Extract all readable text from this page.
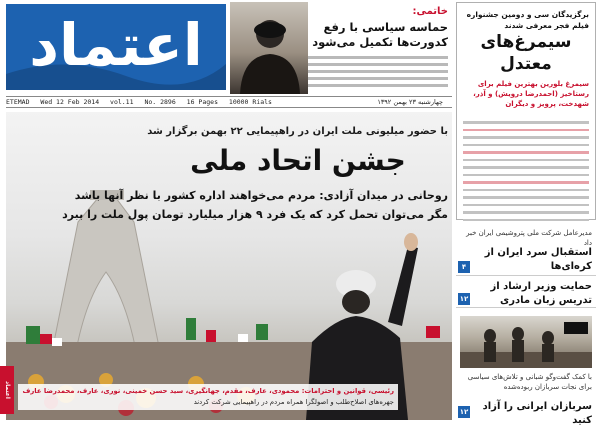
اعتماد	خاتمی:
حماسه سیاسی با رفع کدورت‌ها تکمیل می‌شود
برگزیدگان سی و دومین جشنواره فیلم فجر معرفی شدند
سیمرغ‌های معتدل
سیمرغ بلورین بهترین فیلم برای رستاخیز (احمدرضا درویش) و آذر، شهدخت، پرویز و دیگران
ETEMAD Wed 12 Feb 2014 vol.11 No. 2896 16 Pages 10000 Rials	چهارشنبه ۲۳ بهمن ۱۳۹۲
با حضور میلیونی ملت ایران در راهپیمایی ۲۲ بهمن برگزار شد
جشن اتحاد ملی
روحانی در میدان آزادی: مردم می‌خواهند اداره کشور با نظر آنها باشد
مگر می‌توان تحمل کرد که یک فرد ۹ هزار میلیارد تومان پول ملت را ببرد
رئیسی، قوانین و احترامات: محمودی، عارف، مقدم، جهانگیری، سید حسن خمینی، نوری، عارف، محمدرضا عارف
جهره‌های اصلاح‌طلب و اصولگرا همراه مردم در راهپیمایی شرکت کردند
مدیرعامل شرکت ملی پتروشیمی ایران خبر داد
استقبال سرد ایران از کره‌ای‌ها
۴
حمایت وزیر ارشاد از تدریس زبان مادری
۱۲
با کمک گفت‌وگو شبانی و تلاش‌های سیاسی برای نجات سربازان ربوده‌شده
سربازان ایرانی را آزاد کنید
۱۲
اعتماد
